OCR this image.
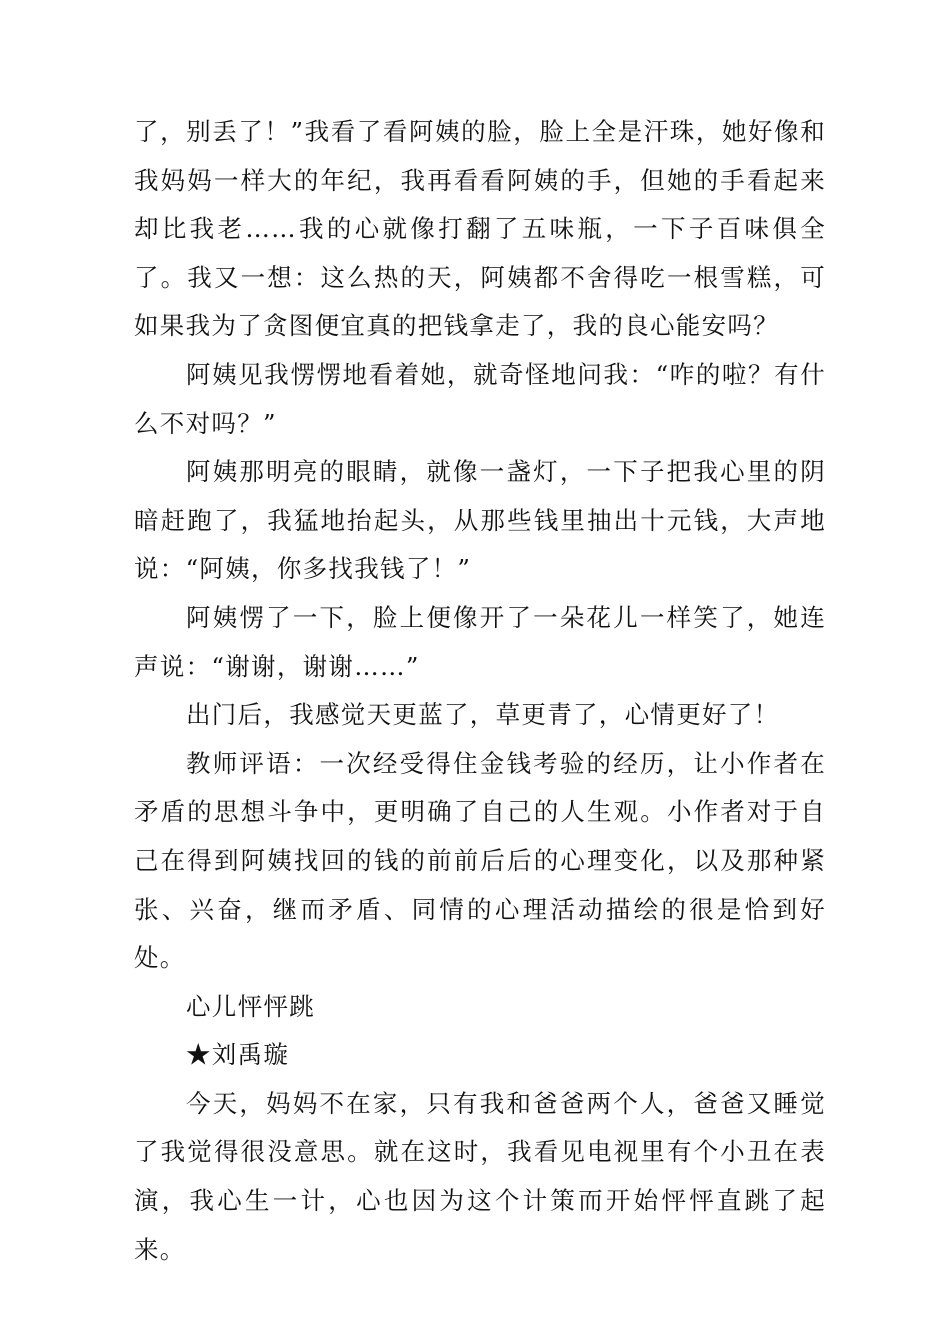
了，别丢了！”我看了看阿姨的脸，脸上全是汗珠，她好像和我妈妈一样大的年纪，我再看看阿姨的手，但她的手看起来却比我老……我的心就像打翻了五味瓶，一下子百味俱全了。我又一想：这么热的天，阿姨都不舍得吃一根雪糕，可如果我为了贪图便宜真的把钱拿走了，我的良心能安吗？

阿姨见我愣愣地看着她，就奇怪地问我：“咋的啦？有什么不对吗？”

阿姨那明亮的眼睛，就像一盏灯，一下子把我心里的阴暗赶跑了，我猛地抬起头，从那些钱里抽出十元钱，大声地说：“阿姨，你多找我钱了！”

阿姨愣了一下，脸上便像开了一朵花儿一样笑了，她连声说：“谢谢，谢谢……”

出门后，我感觉天更蓝了，草更青了，心情更好了！

教师评语：一次经受得住金钱考验的经历，让小作者在矛盾的思想斗争中，更明确了自己的人生观。小作者对于自己在得到阿姨找回的钱的前前后后的心理变化，以及那种紧张、兴奋，继而矛盾、同情的心理活动描绘的很是恰到好处。

心儿怦怦跳

★刘禹璇

今天，妈妈不在家，只有我和爸爸两个人，爸爸又睡觉了我觉得很没意思。就在这时，我看见电视里有个小丑在表演，我心生一计，心也因为这个计策而开始怦怦直跳了起来。
